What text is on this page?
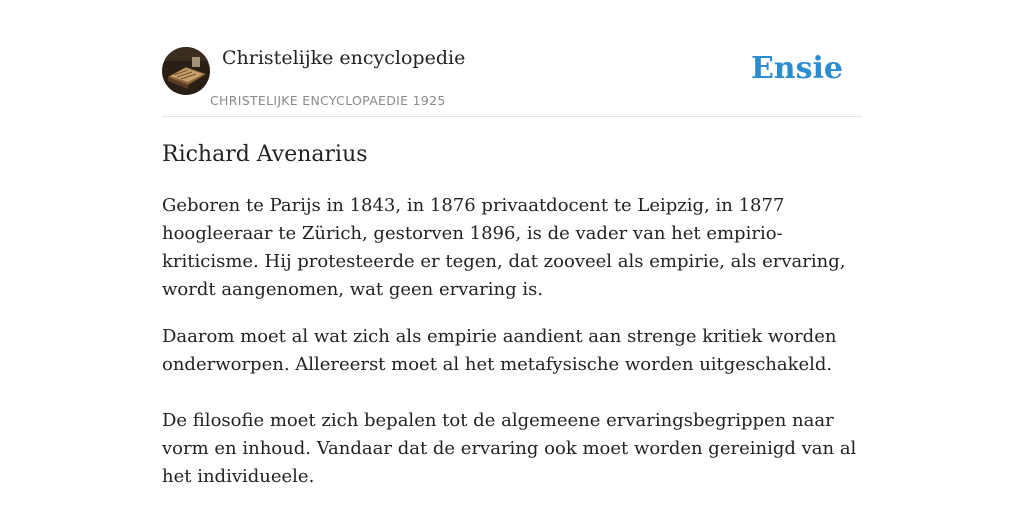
Christelijke encyclopedie
CHRISTELIJKE ENCYCLOPAEDIE 1925
Ensie
Richard Avenarius

Geboren te Parijs in 1843, in 1876 privaatdocent te Leipzig, in 1877 hoogleeraar te Zürich, gestorven 1896, is de vader van het empirio-kriticisme. Hij protesteerde er tegen, dat zooveel als empirie, als ervaring, wordt aangenomen, wat geen ervaring is.

Daarom moet al wat zich als empirie aandient aan strenge kritiek worden onderworpen. Allereerst moet al het metafysische worden uitgeschakeld.

De filosofie moet zich bepalen tot de algemeene ervaringsbegrippen naar vorm en inhoud. Vandaar dat de ervaring ook moet worden gereinigd van al het individueele.
